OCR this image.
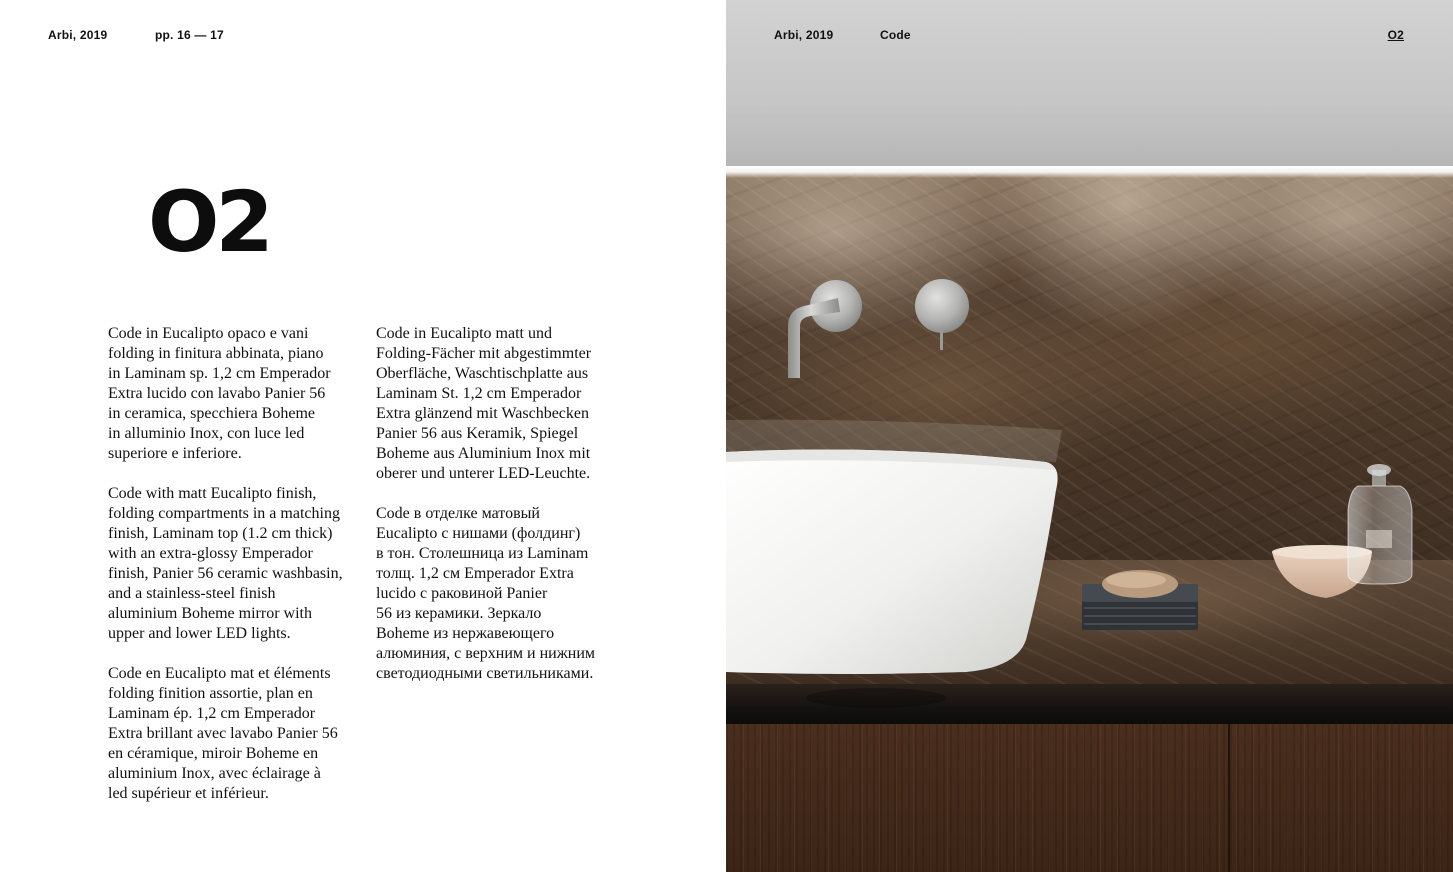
Arbi, 2019	pp. 16 — 17
O2
Code in Eucalipto opaco e vani
folding in finitura abbinata, piano
in Laminam sp. 1,2 cm Emperador
Extra lucido con lavabo Panier 56
in ceramica, specchiera Boheme
in alluminio Inox, con luce led
superiore e inferiore.
Code with matt Eucalipto finish,
folding compartments in a matching
finish, Laminam top (1.2 cm thick)
with an extra-glossy Emperador
finish, Panier 56 ceramic washbasin,
and a stainless-steel finish
aluminium Boheme mirror with
upper and lower LED lights.
Code en Eucalipto mat et éléments
folding finition assortie, plan en
Laminam ép. 1,2 cm Emperador
Extra brillant avec lavabo Panier 56
en céramique, miroir Boheme en
aluminium Inox, avec éclairage à
led supérieur et inférieur.
Code in Eucalipto matt und
Folding-Fächer mit abgestimmter
Oberfläche, Waschtischplatte aus
Laminam St. 1,2 cm Emperador
Extra glänzend mit Waschbecken
Panier 56 aus Keramik, Spiegel
Boheme aus Aluminium Inox mit
oberer und unterer LED-Leuchte.
Code в отделке матовый
Eucalipto с нишами (фолдинг)
в тон. Столешница из Laminam
толщ. 1,2 см Emperador Extra
lucido с раковиной Panier
56 из керамики. Зеркало
Boheme из нержавеющего
алюминия, с верхним и нижним
светодиодными светильниками.
Arbi, 2019	Code	O2
